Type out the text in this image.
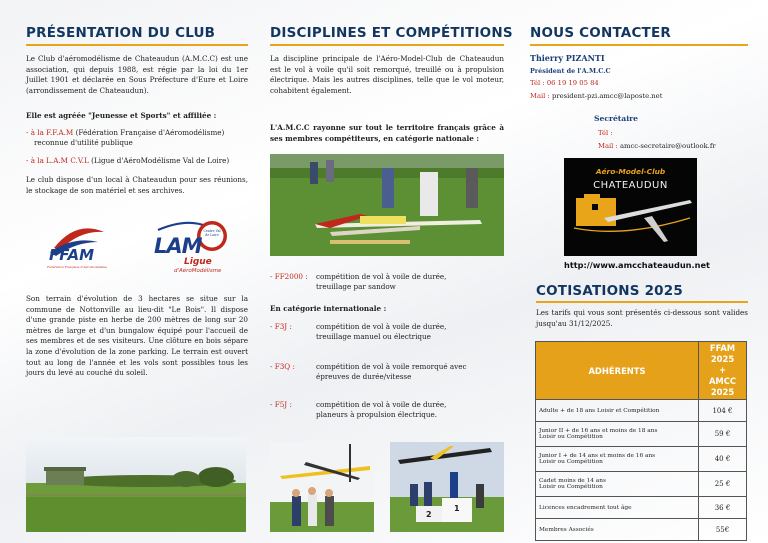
PRÉSENTATION DU CLUB
Le Club d'aéromodélisme de Chateaudun (A.M.C.C) est une association, qui depuis 1988, est régie par la loi du 1er Juillet 1901 et déclarée en Sous Préfecture d'Eure et Loire (arrondissement de Chateaudun).
Elle est agréée "Jeunesse et Sports" et affiliée :
- à la F.F.A.M (Fédération Française d'Aéromodélisme)
reconnue d'utilité publique
- à la L.A.M C.V.L (Ligue d'AéroModélisme Val de Loire)
Le club dispose d'un local à Chateaudun pour ses réunions, le stockage de son matériel et ses archives.
FFAM
Fédération Française d'Aéromodélisme
Centre Val de Loire
LAM
Ligue
d'AéroModélisme
Son terrain d'évolution de 3 hectares se situe sur la commune de Nottonville au lieu-dit "Le Bois". Il dispose d'une grande piste en herbe de 200 mètres de long sur 20 mètres de large et d'un bungalow équipé pour l'accueil de ses membres et de ses visiteurs. Une clôture en bois sépare la zone d'évolution de la zone parking. Le terrain est ouvert tout au long de l'année et les vols sont possibles tous les jours du levé au couché du soleil.
DISCIPLINES ET COMPÉTITIONS
La discipline principale de l'Aéro-Model-Club de Chateaudun est le vol à voile qu'il soit remorqué, treuillé ou à propulsion électrique. Mais les autres disciplines, telle que le vol moteur, cohabitent également.
L'A.M.C.C rayonne sur tout le territoire français grâce à ses membres compétiteurs, en catégorie nationale :
- FF2000 : compétition de vol à voile de durée,
treuillage par sandow
En catégorie internationale :
- F3J :	compétition de vol à voile de durée,
treuillage manuel ou électrique
- F3Q :	compétition de vol à voile remorqué avec
épreuves de durée/vitesse
- F5J :	compétition de vol à voile de durée,
planeurs à propulsion électrique.
2
1
NOUS CONTACTER
Thierry PIZANTI
Président de l'A.M.C.C
Tél : 06 19 19 05 84
Mail : president-pzi.amcc@laposte.net
Secrétaire
Tél :
Mail : amcc-secretaire@outlook.fr
Aéro-Model-Club
CHATEAUDUN
http://www.amcchateaudun.net
COTISATIONS 2025
Les tarifs qui vous sont présentés ci-dessous sont valides jusqu'au 31/12/2025.
ADHÉRENTS	FFAM 2025
+
AMCC 2025
Adulte + de 18 ans Loisir et Compétition	104 €
Junior II + de 16 ans et moins de 18 ans
Loisir ou Compétition	59 €
Junior I + de 14 ans et moins de 16 ans
Loisir ou Compétition	40 €
Cadet moins de 14 ans
Loisir ou Compétition	25 €
Licences encadrement tout âge	36 €
Membres Associés	55€
